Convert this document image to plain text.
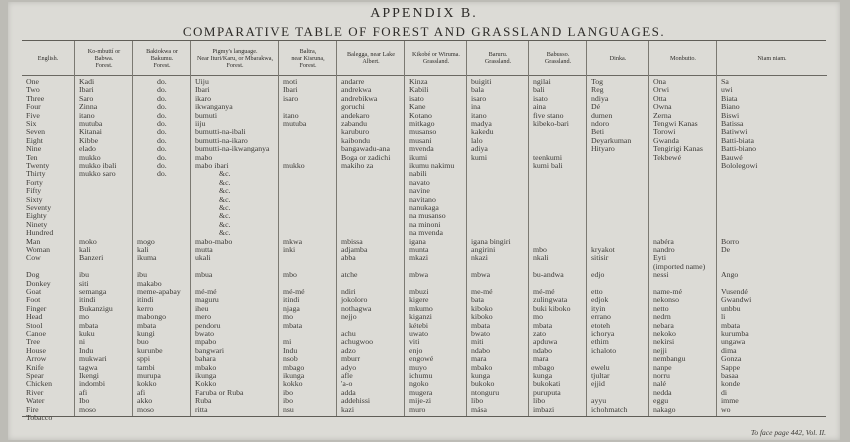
APPENDIX B.
COMPARATIVE TABLE OF FOREST AND GRASSLAND LANGUAGES.
English.
One
Two
Three
Four
Five
Six
Seven
Eight
Nine
Ten
Twenty
Thirty
Forty
Fifty
Sixty
Seventy
Eighty
Ninety
Hundred
Man
Woman
Cow
Dog
Donkey
Goat
Foot
Finger
Head
Stool
Canoe
Tree
House
Arrow
Knife
Spear
Chicken
River
Water
Fire
Tobacco
Ko-mbuttí or
Babwa.
Forest.
Kadi
Ibari
Saro
Zinna
itano
mutuba
Kitanai
Kibbe
elado
mukko
mukko ibali
mukko saro
moko
kali
Banzeri
ibu
siti
semanga
itindi
Bukanzigu
mo
mbata
kuku
ni
Indu
mukwari
tagwa
Ikengi
indombi
afi
Ibo
moso
Bakiokwa or
Bakumu.
Forest.
do.
do.
do.
do.
do.
do.
do.
do.
do.
do.
do.
do.
mogo
kali
ikuma
ibu
makabo
meme-apabay
itindi
kerro
mabongo
mbata
kungi
buo
kurunbe
sppi
tambi
murupa
kokko
afi
akko
moso
Pigmy's language.
Near Ituri/Karu, or Mbarakwa,
Forest.
Uiju
Ibari
ikaro
ikwanganya
bumuti
iiju
bumutti-na-ibali
bumutti-na-ikaro
bumutti-na-ikwanganya
mabo
mabo ibari
&c.
&c.
&c.
&c.
&c.
&c.
&c.
&c.
mabo-mabo
mutta
ukali
mbua
mé-mé
maguru
iheu
mero
pendoru
bwato
mpabo
bangwari
bahara
mbako
ikunga
Kokko
Faruba or Ruba
Ruba
ritta
Baltra,
near Kisruna,
Forest.
moti
Ibari
isaro
itano
mutuba
mukko
mkwa
inki
mbo
mé-mé
itindi
njaga
mo
mbata
mi
Indu
nsob
mbago
ikunga
kokko
ibo
ibo
nsu
Balegga, near Lake
Albert.
andarre
andrekwa
andrebikwa
goruchi
andekaro
zabandu
karuburo
kaibondu
bangawadu-ana
Boga or zadichi
makiho za
mbissa
adjamba
abba
atche
ndiri
jokoloro
nothagwa
nejjo
achu
achugwoo
adzo
mburr
adyo
afle
'a-o
adda
addehissi
kazi
Kikobé or Wiruma.
Grassland.
Kinza
Kabili
isato
Kane
Kotano
mitkago
musanso
musani
mvenda
ikumi
ikumu nakimu
nabili
navato
navine
navitano
nanukaga
na musanso
na minoni
na mvenda
igana
munta
mkazi
mbwa
mbuzi
kigere
mkumo
kiganzi
kétebi
uwato
viti
enjo
engowé
muyo
ichumu
ngoko
mugera
mije-zi
muro
Baruru.
Grassland.
buigiti
bala
isaro
ina
itano
madya
kakedu
lalo
adiya
kumi
igana bingiri
angirini
nkazi
mbwa
me-mé
bata
kiboko
kiboko
mbata
bwato
miti
ndabo
mara
mbako
kunga
bukoko
ntonguru
libo
mása
Babusso.
Grassland.
ngilai
bali
isato
aina
five stano
kibeko-bari
teenkumi
kumi bali
mbo
nkali
bu-andwa
mé-mé
zulingwata
buki kiboko
mo
mbata
zato
apduwa
ndabo
mara
mbago
kunga
bukokati
puruputa
libo
imbazi
Dinka.
Tog
Reg
ndiya
Dé
dumen
ndoro
Beti
Deyarkuman
Hityaro
kryakot
sitisir
edjo
etto
edjok
ityin
errano
etoteh
ichorya
ethim
ichaloto
ewelu
tjultar
ejjid
ayyu
ichohmatch
Monbutto.
Ona
Orwi
Otta
Owna
Zerna
Tengwi Kanas
Torowi
Gwanda
Tengirigi Kanas
Tekbewé
nabéra
nandro
Eyti
(imported name)
nessi
name-mé
nekonso
netto
nedrn
nebara
nekoko
nekirsi
nejji
nembangu
nanpe
norru
nalé
nedda
eggu
nakago
Niam niam.
Sa
uwi
Biata
Biano
Biswi
Batissa
Batiwwi
Batti-biata
Batti-biano
Bauwé
Bololegowi
Borro
De
Ango
Vusendé
Gwandwi
unbbu
li
mbata
kurumba
ungawa
dima
Gonza
Sappe
basaa
konde
di
imme
wo
To face page 442, Vol. II.
